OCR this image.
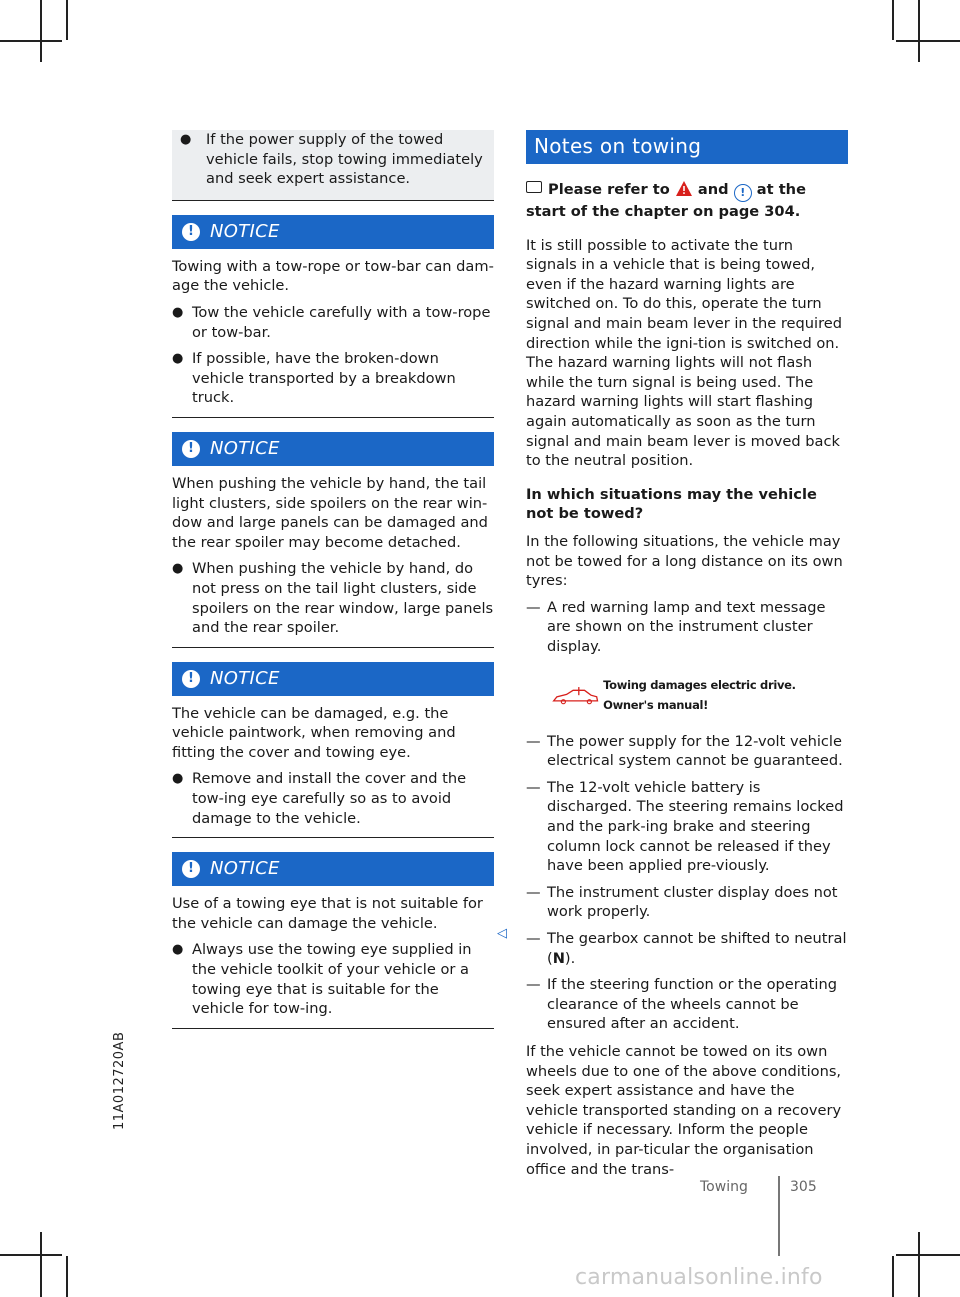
●	If the power supply of the towed vehicle fails, stop towing immediately and seek expert assistance.
! NOTICE

Towing with a tow-rope or tow-bar can dam-age the vehicle.

● Tow the vehicle carefully with a tow-rope or tow-bar.
● If possible, have the broken-down vehicle transported by a breakdown truck.
! NOTICE

When pushing the vehicle by hand, the tail light clusters, side spoilers on the rear win-dow and large panels can be damaged and the rear spoiler may become detached.

● When pushing the vehicle by hand, do not press on the tail light clusters, side spoilers on the rear window, large panels and the rear spoiler.
! NOTICE

The vehicle can be damaged, e.g. the vehicle paintwork, when removing and fitting the cover and towing eye.

● Remove and install the cover and the tow-ing eye carefully so as to avoid damage to the vehicle.
! NOTICE

Use of a towing eye that is not suitable for the vehicle can damage the vehicle.

● Always use the towing eye supplied in the vehicle toolkit of your vehicle or a towing eye that is suitable for the vehicle for tow-ing.
◁
Notes on towing
Please refer to and ! at the start of the chapter on page 304.

It is still possible to activate the turn signals in a vehicle that is being towed, even if the hazard warning lights are switched on. To do this, operate the turn signal and main beam lever in the required direction while the igni-tion is switched on. The hazard warning lights will not flash while the turn signal is being used. The hazard warning lights will start flashing again automatically as soon as the turn signal and main beam lever is moved back to the neutral position.

In which situations may the vehicle not be towed?

In the following situations, the vehicle may not be towed for a long distance on its own tyres:

— A red warning lamp and text message are shown on the instrument cluster display.
Towing damages electric drive. Owner's manual!
— The power supply for the 12-volt vehicle electrical system cannot be guaranteed.
— The 12-volt vehicle battery is discharged. The steering remains locked and the park-ing brake and steering column lock cannot be released if they have been applied pre-viously.
— The instrument cluster display does not work properly.
— The gearbox cannot be shifted to neutral (N).
— If the steering function or the operating clearance of the wheels cannot be ensured after an accident.

If the vehicle cannot be towed on its own wheels due to one of the above conditions, seek expert assistance and have the vehicle transported standing on a recovery vehicle if necessary. Inform the people involved, in par-ticular the organisation office and the trans-

11A012720AB
Towing	305
carmanualsonline.info
